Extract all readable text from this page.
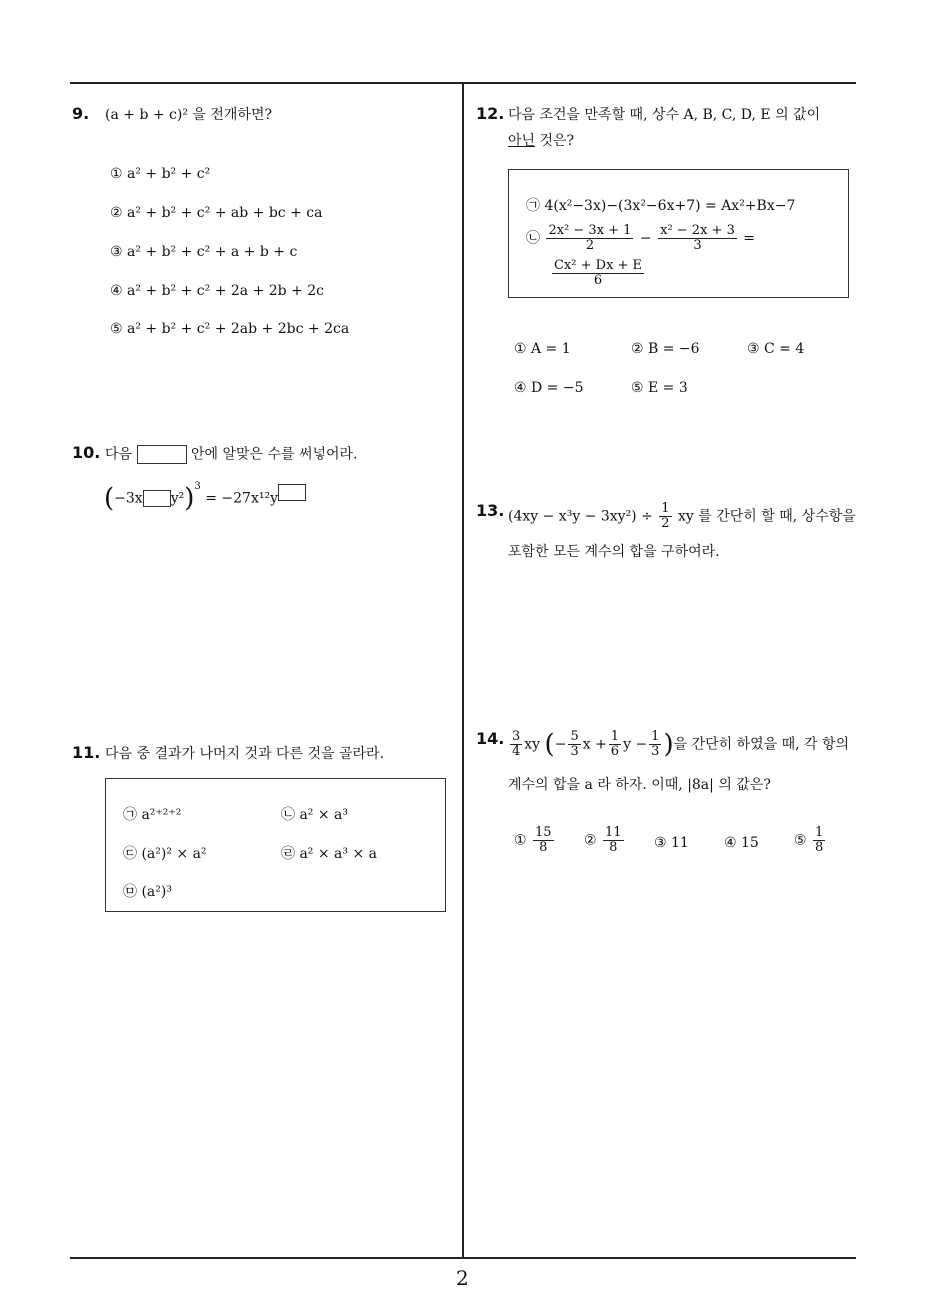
2
9. (a + b + c)² 을 전개하면?
① a² + b² + c²
② a² + b² + c² + ab + bc + ca
③ a² + b² + c² + a + b + c
④ a² + b² + c² + 2a + 2b + 2c
⑤ a² + b² + c² + 2ab + 2bc + 2ca
10. 다음	안에 알맞은 수를 써넣어라.
(−3x y²)$^3$ = −27x¹²y
11. 다음 중 결과가 나머지 것과 다른 것을 골라라.
㉠ a²⁺²⁺²	㉡ a² × a³
㉢ (a²)² × a²	㉣ a² × a³ × a
㉤ (a²)³
12. 다음 조건을 만족할 때, 상수 A, B, C, D, E 의 값이
아닌 것은?
㉠ 4(x²−3x)−(3x²−6x+7) = Ax²+Bx−7
㉡ $\frac{\text{2x² − 3x + 1}}{2} - \frac{\text{x² − 2x + 3}}{3}$ =
$\frac{\text{Cx² + Dx + E}}{6}$
① A = 1	② B = −6	③ C = 4
④ D = −5	⑤ E = 3
13. $(4xy - x^3y - 3xy^2) \div \frac{1}{2}$ xy 를 간단히 할 때, 상수항을
포함한 모든 계수의 합을 구하여라.
14. $\frac{3}{4}$ xy (− $\frac{5}{3}$ $x + \frac{1}{6}$ $y - \frac{1}{3}$ )을 간단히 하였을 때, 각 항의
계수의 합을 a 라 하자. 이때, |8a| 의 값은?
① $\frac{15}{8}$ ② $\frac{11}{8}$ ③ 11	④ 15	⑤ $\frac{1}{8}$
